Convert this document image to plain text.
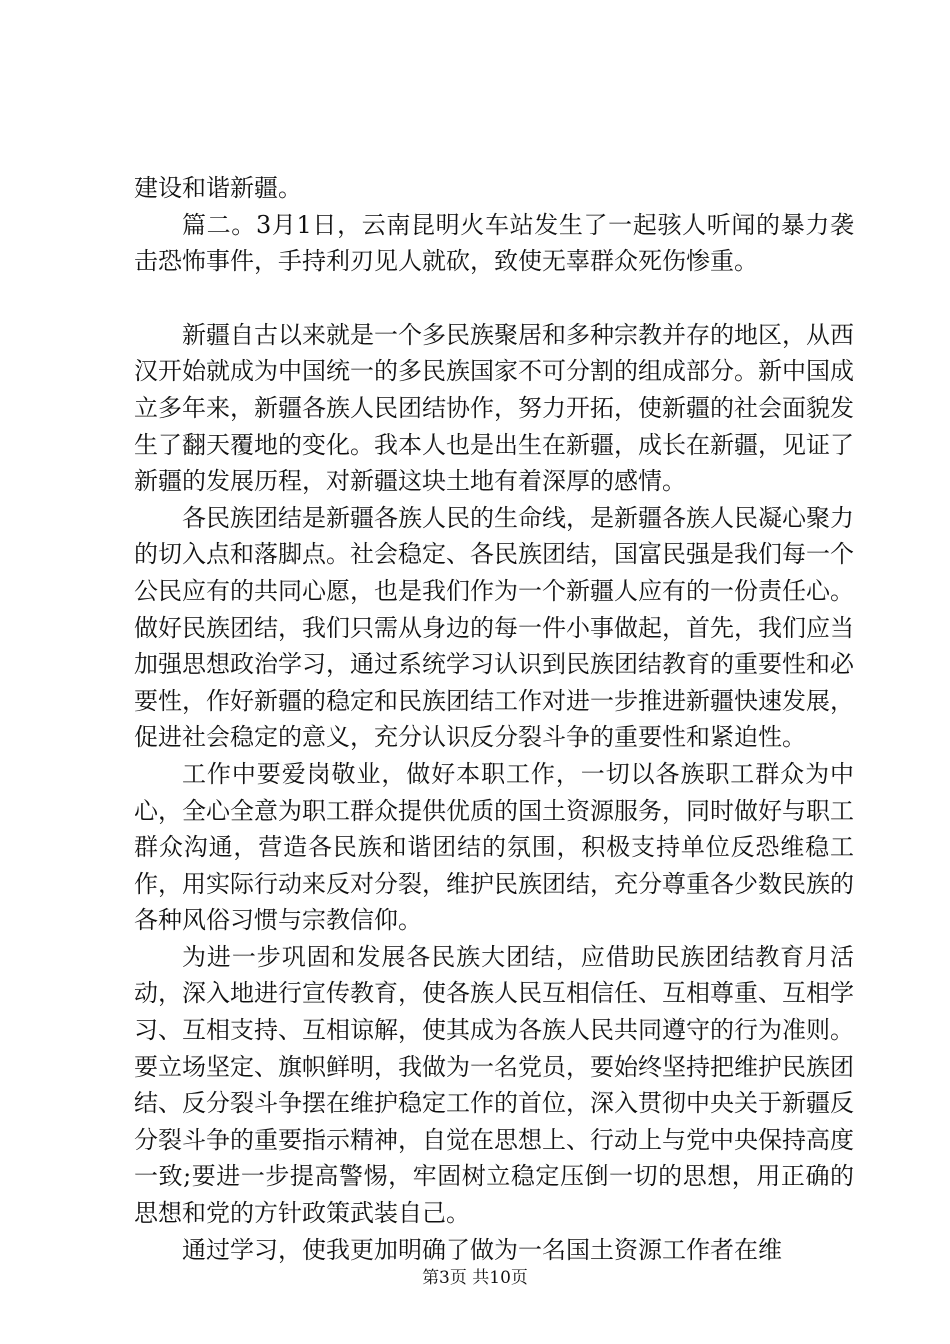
建设和谐新疆。

篇二。3月1日，云南昆明火车站发生了一起骇人听闻的暴力袭击恐怖事件，手持利刃见人就砍，致使无辜群众死伤惨重。

新疆自古以来就是一个多民族聚居和多种宗教并存的地区，从西汉开始就成为中国统一的多民族国家不可分割的组成部分。新中国成立多年来，新疆各族人民团结协作，努力开拓，使新疆的社会面貌发生了翻天覆地的变化。我本人也是出生在新疆，成长在新疆，见证了新疆的发展历程，对新疆这块土地有着深厚的感情。

各民族团结是新疆各族人民的生命线，是新疆各族人民凝心聚力的切入点和落脚点。社会稳定、各民族团结，国富民强是我们每一个公民应有的共同心愿，也是我们作为一个新疆人应有的一份责任心。做好民族团结，我们只需从身边的每一件小事做起，首先，我们应当加强思想政治学习，通过系统学习认识到民族团结教育的重要性和必要性，作好新疆的稳定和民族团结工作对进一步推进新疆快速发展，促进社会稳定的意义，充分认识反分裂斗争的重要性和紧迫性。

工作中要爱岗敬业，做好本职工作，一切以各族职工群众为中心，全心全意为职工群众提供优质的国土资源服务，同时做好与职工群众沟通，营造各民族和谐团结的氛围，积极支持单位反恐维稳工作，用实际行动来反对分裂，维护民族团结，充分尊重各少数民族的各种风俗习惯与宗教信仰。

为进一步巩固和发展各民族大团结，应借助民族团结教育月活动，深入地进行宣传教育，使各族人民互相信任、互相尊重、互相学习、互相支持、互相谅解，使其成为各族人民共同遵守的行为准则。要立场坚定、旗帜鲜明，我做为一名党员，要始终坚持把维护民族团结、反分裂斗争摆在维护稳定工作的首位，深入贯彻中央关于新疆反分裂斗争的重要指示精神，自觉在思想上、行动上与党中央保持高度一致;要进一步提高警惕，牢固树立稳定压倒一切的思想，用正确的思想和党的方针政策武装自己。

通过学习，使我更加明确了做为一名国土资源工作者在维

第3页 共10页
